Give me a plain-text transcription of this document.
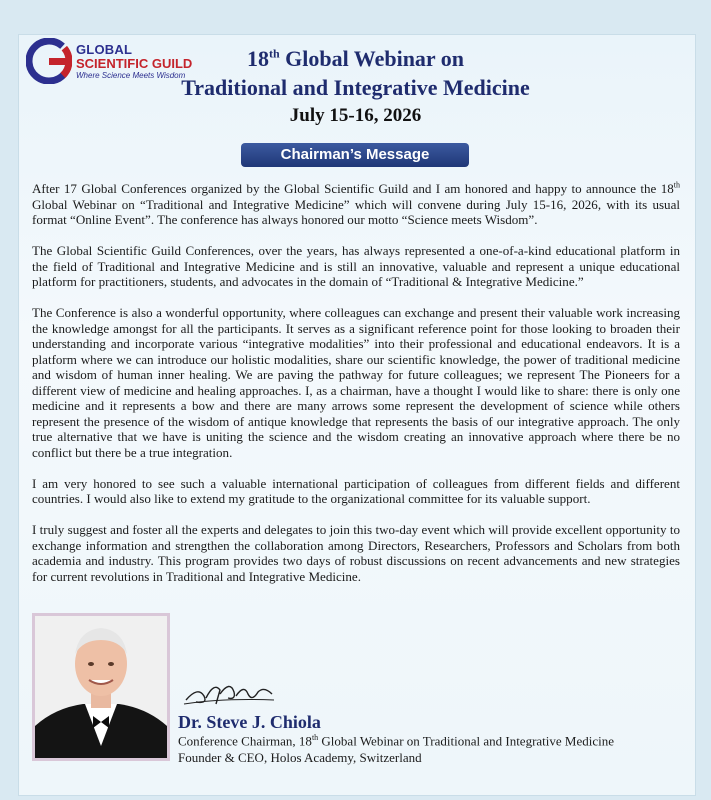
GLOBAL
SCIENTIFIC GUILD
Where Science Meets Wisdom
18th Global Webinar on
Traditional and Integrative Medicine
July 15-16, 2026
Chairman’s Message

After 17 Global Conferences organized by the Global Scientific Guild and I am honored and happy to announce the 18th Global Webinar on “Traditional and Integrative Medicine” which will convene during July 15-16, 2026, with its usual format “Online Event”. The conference has always honored our motto “Science meets Wisdom”.

The Global Scientific Guild Conferences, over the years, has always represented a one-of-a-kind educational platform in the field of Traditional and Integrative Medicine and is still an innovative, valuable and represent a unique educational platform for practitioners, students, and advocates in the domain of “Traditional & Integrative Medicine.”

The Conference is also a wonderful opportunity, where colleagues can exchange and present their valuable work increasing the knowledge amongst for all the participants. It serves as a significant reference point for those looking to broaden their understanding and incorporate various “integrative modalities” into their professional and educational endeavors. It is a platform where we can introduce our holistic modalities, share our scientific knowledge, the power of traditional medicine and wisdom of human inner healing. We are paving the pathway for future colleagues; we represent The Pioneers for a different view of medicine and healing approaches. I, as a chairman, have a thought I would like to share: there is only one medicine and it represents a bow and there are many arrows some represent the development of science while others represent the presence of the wisdom of antique knowledge that represents the basis of our integrative approach. The only true alternative that we have is uniting the science and the wisdom creating an innovative approach where there be no conflict but there be a true integration.

I am very honored to see such a valuable international participation of colleagues from different fields and different countries. I would also like to extend my gratitude to the organizational committee for its valuable support.

I truly suggest and foster all the experts and delegates to join this two-day event which will provide excellent opportunity to exchange information and strengthen the collaboration among Directors, Researchers, Professors and Scholars from both academia and industry. This program provides two days of robust discussions on recent advancements and new strategies for current revolutions in Traditional and Integrative Medicine.

Dr. Steve J. Chiola
Conference Chairman, 18th Global Webinar on Traditional and Integrative Medicine
Founder & CEO, Holos Academy, Switzerland
